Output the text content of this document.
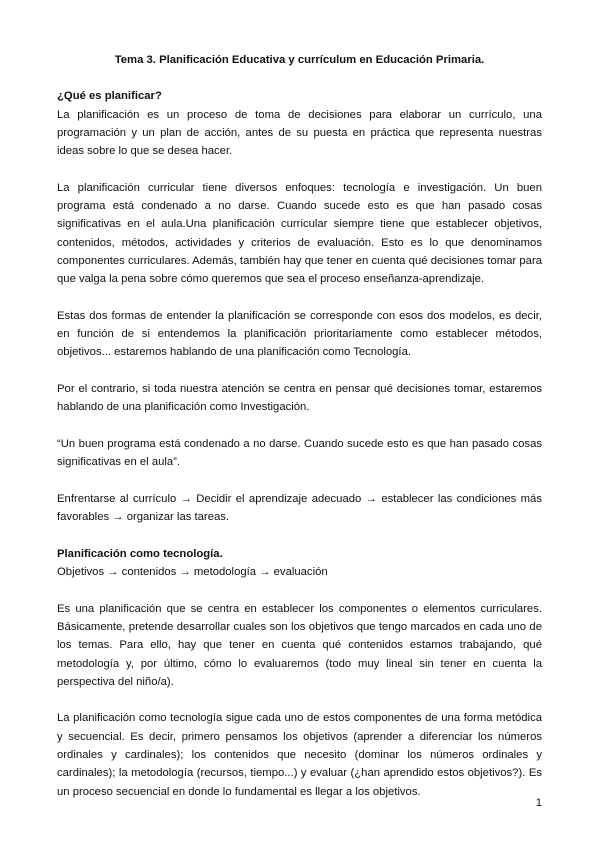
Tema 3. Planificación Educativa y currículum en Educación Primaria.
¿Qué es planificar?

La planificación es un proceso de toma de decisiones para elaborar un currículo, una programación y un plan de acción, antes de su puesta en práctica que representa nuestras ideas sobre lo que se desea hacer.

La planificación curricular tiene diversos enfoques: tecnología e investigación. Un buen programa está condenado a no darse. Cuando sucede esto es que han pasado cosas significativas en el aula.Una planificación curricular siempre tiene que establecer objetivos, contenidos, métodos, actividades y criterios de evaluación. Esto es lo que denominamos componentes curriculares. Además, también hay que tener en cuenta qué decisiones tomar para que valga la pena sobre cómo queremos que sea el proceso enseñanza-aprendizaje.

Estas dos formas de entender la planificación se corresponde con esos dos modelos, es decir, en función de si entendemos la planificación prioritariamente como establecer métodos, objetivos... estaremos hablando de una planificación como Tecnología.

Por el contrario, si toda nuestra atención se centra en pensar qué decisiones tomar, estaremos hablando de una planificación como Investigación.

“Un buen programa está condenado a no darse. Cuando sucede esto es que han pasado cosas significativas en el aula”.

Enfrentarse al currículo → Decidir el aprendizaje adecuado → establecer las condiciones más favorables → organizar las tareas.

Planificación como tecnología.

Objetivos → contenidos → metodología → evaluación

Es una planificación que se centra en establecer los componentes o elementos curriculares. Básicamente, pretende desarrollar cuales son los objetivos que tengo marcados en cada uno de los temas. Para ello, hay que tener en cuenta qué contenidos estamos trabajando, qué metodología y, por último, cómo lo evaluaremos (todo muy lineal sin tener en cuenta la perspectiva del niño/a).

La planificación como tecnología sigue cada uno de estos componentes de una forma metódica y secuencial. Es decir, primero pensamos los objetivos (aprender a diferenciar los números ordinales y cardinales); los contenidos que necesito (dominar los números ordinales y cardinales); la metodología (recursos, tiempo...) y evaluar (¿han aprendido estos objetivos?). Es un proceso secuencial en donde lo fundamental es llegar a los objetivos.

1
